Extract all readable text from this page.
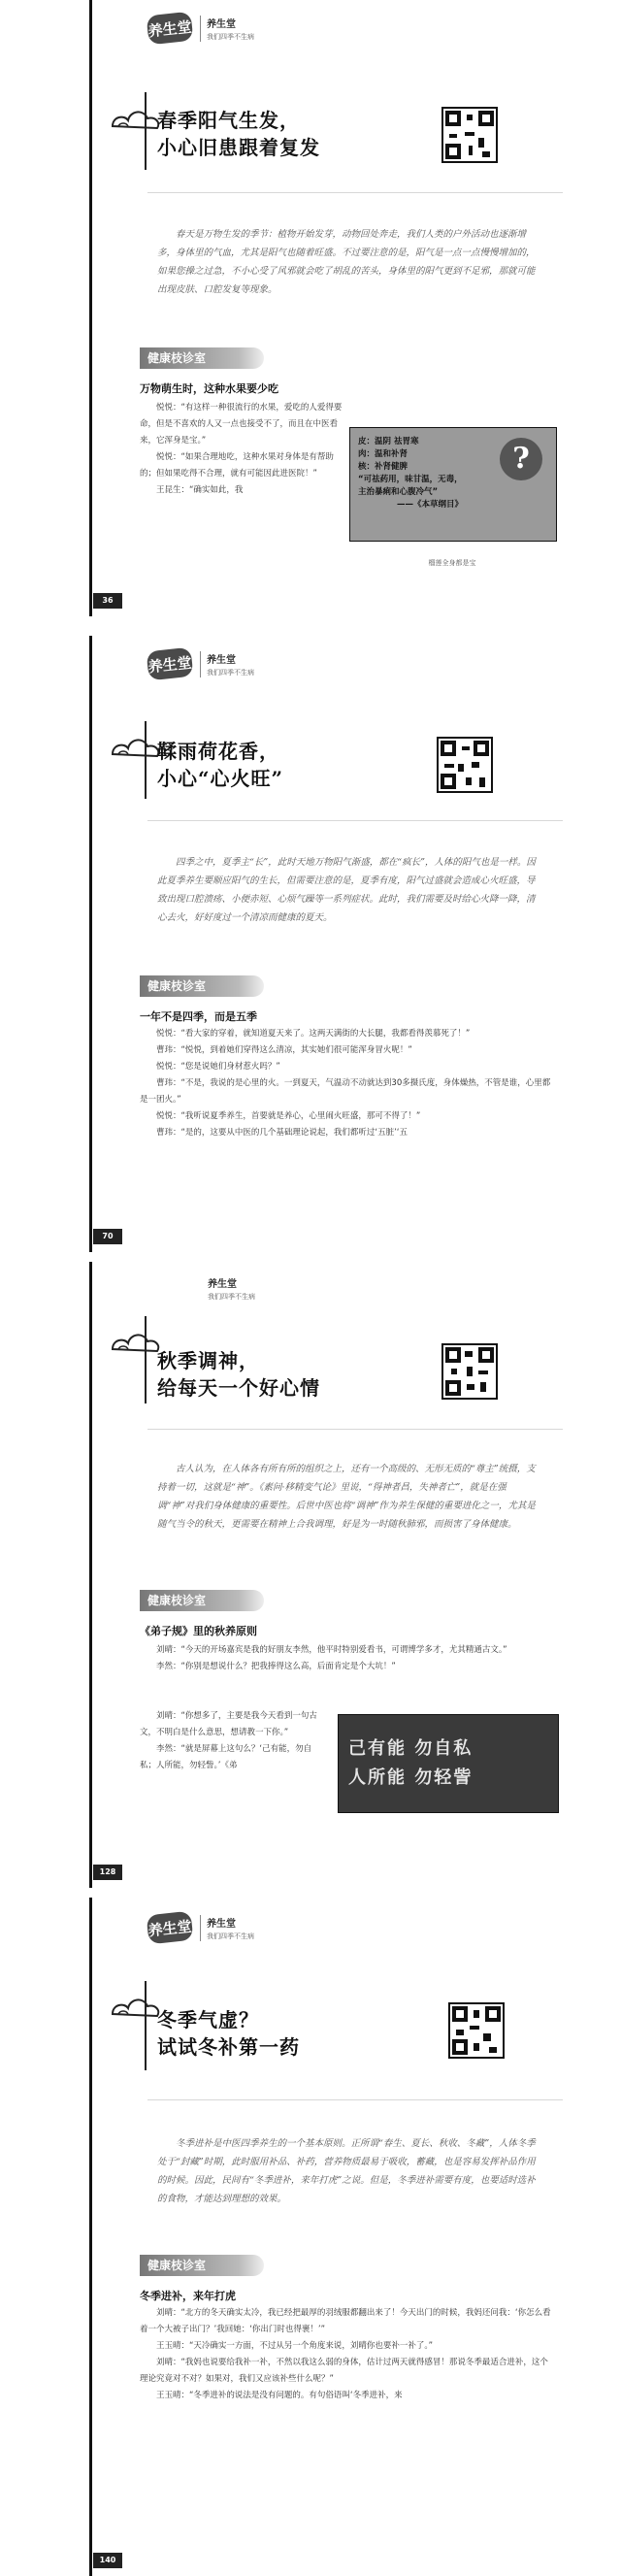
养生堂 养生堂
我们四季不生病
春季阳气生发，
小心旧患跟着复发
春天是万物生发的季节：植物开始发芽，动物回处奔走，我们人类的户外活动也逐渐增多，身体里的气血，尤其是阳气也随着旺盛。不过要注意的是，阳气是一点一点慢慢增加的，如果您操之过急，不小心受了风邪就会吃了胡乱的苦头，身体里的阳气更到不足邪，那就可能出现皮肤、口腔发复等现象。
健康枝诊室
万物萌生时，这种水果要少吃

悦悦：“有这样一种很流行的水果，爱吃的人爱得要命，但是不喜欢的人又一点也接受不了，而且在中医看来，它浑身是宝。”

悦悦：“如果合理地吃，这种水果对身体是有帮助的；但如果吃得不合理，就有可能因此进医院！”

王昆生：“确实如此，我

皮：温阴 祛胃寒
肉：温和补肾
核：补肾健脾
“可祛药用，味甘温，无毒，
主治暴痢和心腹冷气”
——《本草纲目》
?
榴莲全身都是宝
36
养生堂 养生堂
我们四季不生病
鞣雨荷花香，
小心“心火旺”
四季之中，夏季主“长”，此时天地万物阳气渐盛，都在“疯长”，人体的阳气也是一样。因此夏季养生要顺应阳气的生长，但需要注意的是，夏季有度，阳气过盛就会造成心火旺盛，导致出现口腔溃疡、小便赤短、心烦气躁等一系列症状。此时，我们需要及时给心火降一降，清心去火，好好度过一个清凉而健康的夏天。
健康枝诊室
一年不是四季，而是五季

悦悦：“看大家的穿着，就知道夏天来了。这两天满街的大长腿，我都看得羡慕死了！”

曹玮：“悦悦，到着她们穿得这么清凉，其实她们很可能浑身冒火呢！”

悦悦：“您是说她们身材惹火吗？”

曹玮：“不是，我说的是心里的火。一到夏天，气温动不动就达到30多摄氏度，身体燥热，不管是谁，心里都是一团火。”

悦悦：“我听说夏季养生，首要就是养心，心里闹火旺盛，那可不得了！”

曹玮：“是的，这要从中医的几个基础理论说起，我们都听过‘五脏’‘五

70
养生堂
我们四季不生病
秋季调神，
给每天一个好心情
古人认为，在人体各有所有所的组织之上，还有一个高级的、无形无质的“尊主”统摄，支持着一切，这就是“神”。《素问·移精变气论》里说，“得神者昌，失神者亡”，就是在强调“神”对我们身体健康的重要性。后世中医也将“调神”作为养生保健的重要进化之一，尤其是随气当令的秋天，更需要在精神上合我调理，好是为一时随秋肺邪，而损害了身体健康。
健康枝诊室
《弟子规》里的秋养原则

刘晴：“今天的开场嘉宾是我的好朋友李然，他平时特别爱看书，可谓博学多才，尤其精通古文。”

李然：“你别是想说什么？把我捧得这么高，后面肯定是个大坑！”

刘晴：“你想多了，主要是我今天看到一句古文，不明白是什么意思，想请教一下你。”

李然：“就是屏幕上这句么？‘己有能，勿自私；人所能，勿轻訾。’《弟

己有能 勿自私
人所能 勿轻訾
128
养生堂 养生堂
我们四季不生病
冬季气虚？
试试冬补第一药
冬季进补是中医四季养生的一个基本原则。正所谓“春生、夏长、秋收、冬藏”，人体冬季处于“封藏”时期，此时服用补品、补药，营养物质最易于吸收，蓄藏，也是容易发挥补品作用的时候。因此，民间有“冬季进补，来年打虎”之说。但是，冬季进补需要有度，也要适时选补的食物，才能达到理想的效果。
健康枝诊室
冬季进补，来年打虎

刘晴：“北方的冬天确实太冷，我已经把最厚的羽绒服都翻出来了！今天出门的时候，我妈还问我：‘你怎么看着一个大被子出门？’我回她：‘你出门时也得裹！’”

王玉晴：“天冷确实一方面，不过从另一个角度来说，刘晴你也要补一补了。”

刘晴：“我妈也说要给我补一补，不然以我这么弱的身体，估计过两天就得感冒！那说冬季最适合进补，这个理论究竟对不对？如果对，我们又应该补些什么呢？”

王玉晴：“冬季进补的说法是没有问题的。有句俗语叫‘冬季进补，来

140
